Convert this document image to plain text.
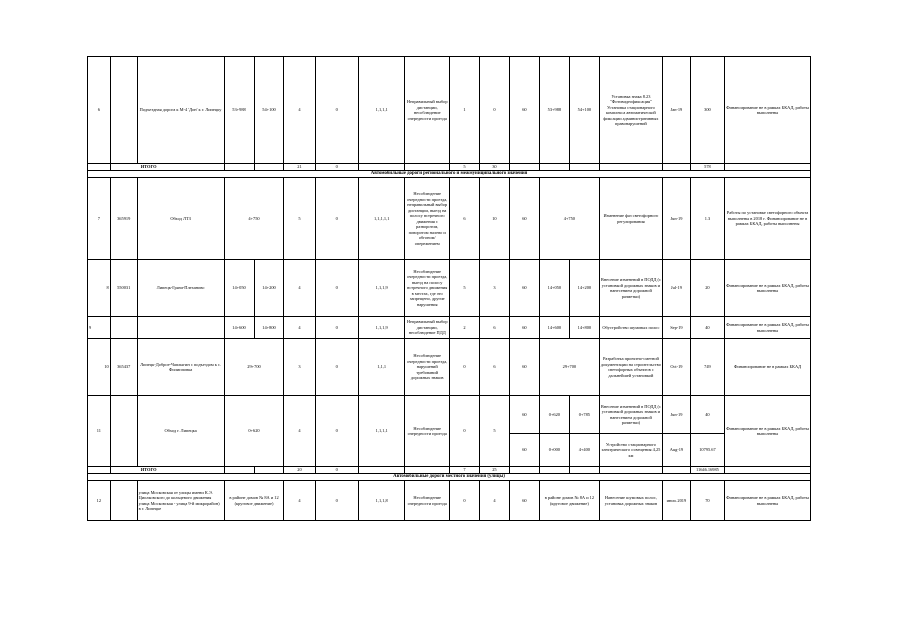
6		Подъездная дорога к М-4 'Дон' к г. Липецку	53+988	54+100	4	0	1,1,1,1	Неправильный выбор дистанции, несоблюдение очередности проезда	1	0	60	53+988	54+100	Установка знака 8.23 "Фотовидеофиксация" Установка стационарного комплекса автоматической фиксации административных правонарушений	Jan-19	300	Финансирование не в рамках БКАД, работы выполнены
	ИТОГО				21	0			5	30						578	
Автомобильные дороги регионального и межмуниципального значения																	
7	365919	Обход ЛТЗ	4+750		5	0	1,1,1,1,1	Несоблюдение очередности проезда, неправильный выбор дистанции, выезд на полосу встречного движения с разворотом, поворотом налево и обгоном/опережением	6	10	60	4+750		Изменение фаз светофорного регулирования	Jun-19	1.3	Работы по установке светофорного объекта выполнены в 2018 г. Финансирование не в рамках БКАД, работы выполнены
8	550031	Липецк-Грязи-Плеханово	14+050	14+200	4	0	1,1,1,9	Несоблюдение очередности проезда, выезд на полосу встречного движения в местах, где это запрещено, другие нарушения	5	3	60	14+050	14+200	Внесение изменений в ПОДД (с установкой дорожных знаков и нанесением дорожной разметки)	Jul-19	20	Финансирование не в рамках БКАД, работы выполнены
9			14+600	14+800	4	0	1,1,1,9	Неправильный выбор дистанции, несоблюдение ПДД	2	6	60	14+600	14+800	Обустройство шумовых полос	Sep-19	40	Финансирование не в рамках БКАД, работы выполнены
10	365437	Липецк-Доброе-Чаплыгин с подъездом к с. Филипповка	29+700		3	0	1,1,1	Несоблюдение очередности проезда, нарушений требований дорожных знаков	0	6	60	29+700		Разработка проектно-сметной документации на строительство светофорных объектов с дальнейшей установкой	Oct-19	749	Финансирование не в рамках БКАД
11		Обход г. Липецка	0+620		4	0	1,1,1,1	Несоблюдение очередности проезда	0	5	60	0+620	0+785	Внесение изменений в ПОДД (с установкой дорожных знаков и нанесением дорожной разметки)	Jun-19	40	Финансирование не в рамках БКАД, работы выполнены
											60	0+000	4+400	Устройство стационарного электрического освещения 4,25 км	Aug-19	10795.67	
	ИТОГО				20	0			7	25						11646.16985	
Автомобильные дороги местного значения (улицы)																	
12		улица Московская от улицы имени К.Э. Циолковского до кольцевого движения улица Московская - улица 9-й микрорайон) в г. Липецке	в районе домов № 8А и 12 (круговое движение)		4	0	1,1,1,8	Несоблюдение очередности проезда	0	4	60	в районе домов № 8А и 12 (круговое движение)		Нанесение шумовых полос, установка дорожных знаков	июль 2019	70	Финансирование не в рамках БКАД, работы выполнены
